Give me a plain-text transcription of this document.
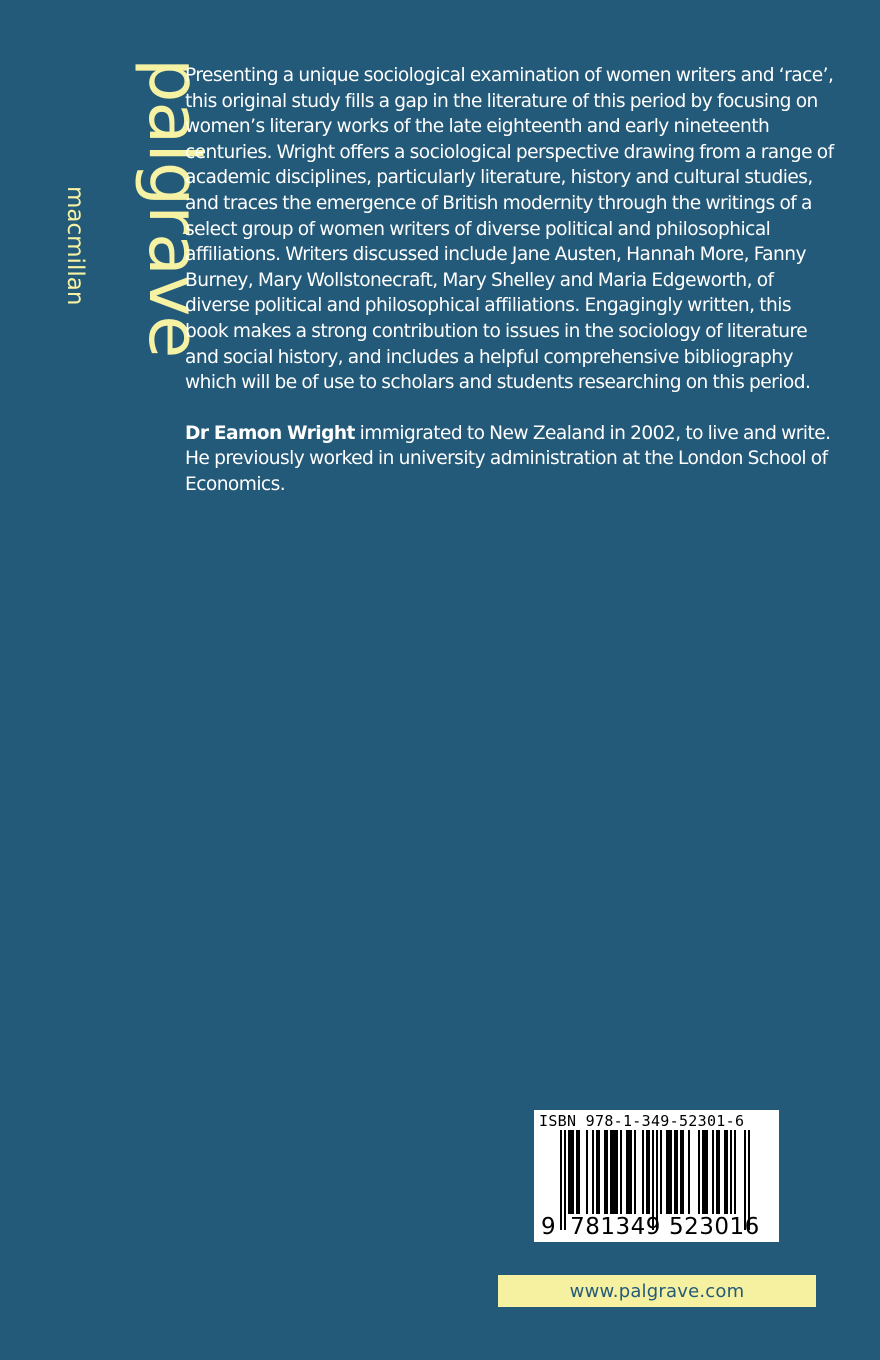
palgrave
macmillan

Presenting a unique sociological examination of women writers and ‘race’, this original study fills a gap in the literature of this period by focusing on women’s literary works of the late eighteenth and early nineteenth centuries. Wright offers a sociological perspective drawing from a range of academic disciplines, particularly literature, history and cultural studies, and traces the emergence of British modernity through the writings of a select group of women writers of diverse political and philosophical affiliations. Writers discussed include Jane Austen, Hannah More, Fanny Burney, Mary Wollstonecraft, Mary Shelley and Maria Edgeworth, of diverse political and philosophical affiliations. Engagingly written, this book makes a strong contribution to issues in the sociology of literature and social history, and includes a helpful comprehensive bibliography which will be of use to scholars and students researching on this period.

Dr Eamon Wright immigrated to New Zealand in 2002, to live and write. He previously worked in university administration at the London School of Economics.

ISBN 978-1-349-52301-6
9 781349 523016
www.palgrave.com
